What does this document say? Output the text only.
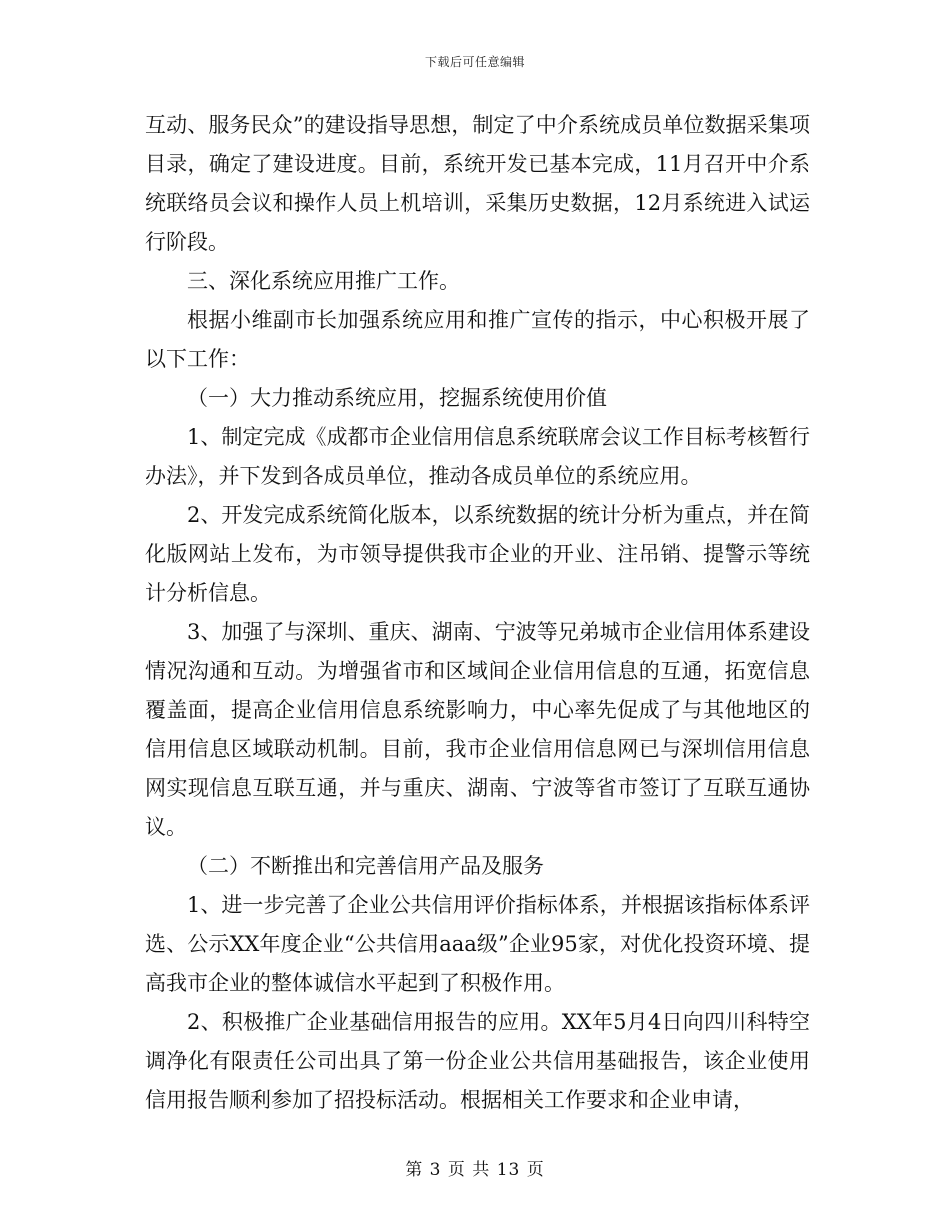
下载后可任意编辑

互动、服务民众”的建设指导思想，制定了中介系统成员单位数据采集项目录，确定了建设进度。目前，系统开发已基本完成，11月召开中介系统联络员会议和操作人员上机培训，采集历史数据，12月系统进入试运行阶段。

三、深化系统应用推广工作。

根据小维副市长加强系统应用和推广宣传的指示，中心积极开展了以下工作：

（一）大力推动系统应用，挖掘系统使用价值

1、制定完成《成都市企业信用信息系统联席会议工作目标考核暂行办法》，并下发到各成员单位，推动各成员单位的系统应用。

2、开发完成系统简化版本，以系统数据的统计分析为重点，并在简化版网站上发布，为市领导提供我市企业的开业、注吊销、提警示等统计分析信息。

3、加强了与深圳、重庆、湖南、宁波等兄弟城市企业信用体系建设情况沟通和互动。为增强省市和区域间企业信用信息的互通，拓宽信息覆盖面，提高企业信用信息系统影响力，中心率先促成了与其他地区的信用信息区域联动机制。目前，我市企业信用信息网已与深圳信用信息网实现信息互联互通，并与重庆、湖南、宁波等省市签订了互联互通协议。

（二）不断推出和完善信用产品及服务

1、进一步完善了企业公共信用评价指标体系，并根据该指标体系评选、公示XX年度企业“公共信用aaa级”企业95家，对优化投资环境、提高我市企业的整体诚信水平起到了积极作用。

2、积极推广企业基础信用报告的应用。XX年5月4日向四川科特空调净化有限责任公司出具了第一份企业公共信用基础报告，该企业使用信用报告顺利参加了招投标活动。根据相关工作要求和企业申请，

第 3 页 共 13 页
